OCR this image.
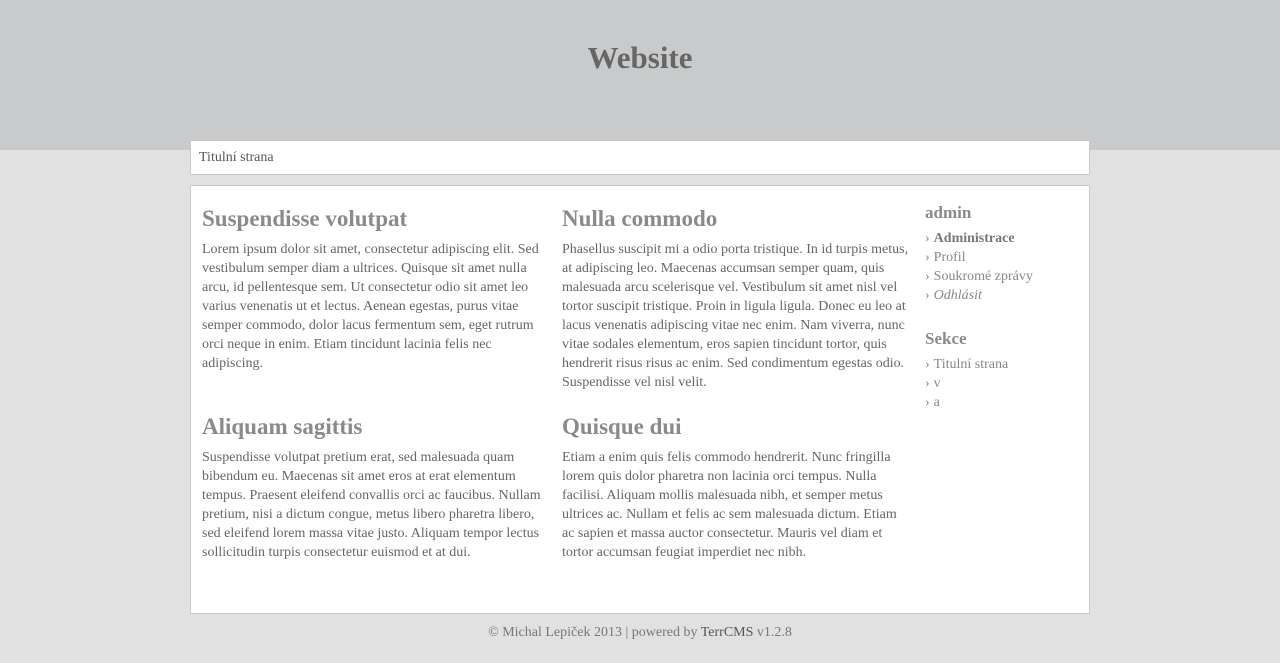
Website
Titulní strana
Suspendisse volutpat

Lorem ipsum dolor sit amet, consectetur adipiscing elit. Sed vestibulum semper diam a ultrices. Quisque sit amet nulla arcu, id pellentesque sem. Ut consectetur odio sit amet leo varius venenatis ut et lectus. Aenean egestas, purus vitae semper commodo, dolor lacus fermentum sem, eget rutrum orci neque in enim. Etiam tincidunt lacinia felis nec adipiscing.

Nulla commodo

Phasellus suscipit mi a odio porta tristique. In id turpis metus, at adipiscing leo. Maecenas accumsan semper quam, quis malesuada arcu scelerisque vel. Vestibulum sit amet nisl vel tortor suscipit tristique. Proin in ligula ligula. Donec eu leo at lacus venenatis adipiscing vitae nec enim. Nam viverra, nunc vitae sodales elementum, eros sapien tincidunt tortor, quis hendrerit risus risus ac enim. Sed condimentum egestas odio. Suspendisse vel nisl velit.

Aliquam sagittis

Suspendisse volutpat pretium erat, sed malesuada quam bibendum eu. Maecenas sit amet eros at erat elementum tempus. Praesent eleifend convallis orci ac faucibus. Nullam pretium, nisi a dictum congue, metus libero pharetra libero, sed eleifend lorem massa vitae justo. Aliquam tempor lectus sollicitudin turpis consectetur euismod et at dui.

Quisque dui

Etiam a enim quis felis commodo hendrerit. Nunc fringilla lorem quis dolor pharetra non lacinia orci tempus. Nulla facilisi. Aliquam mollis malesuada nibh, et semper metus ultrices ac. Nullam et felis ac sem malesuada dictum. Etiam ac sapien et massa auctor consectetur. Mauris vel diam et tortor accumsan feugiat imperdiet nec nibh.

admin
› Administrace
› Profil
› Soukromé zprávy
› Odhlásit
Sekce
› Titulní strana
› v
› a
© Michal Lepiček 2013 | powered by TerrCMS v1.2.8
